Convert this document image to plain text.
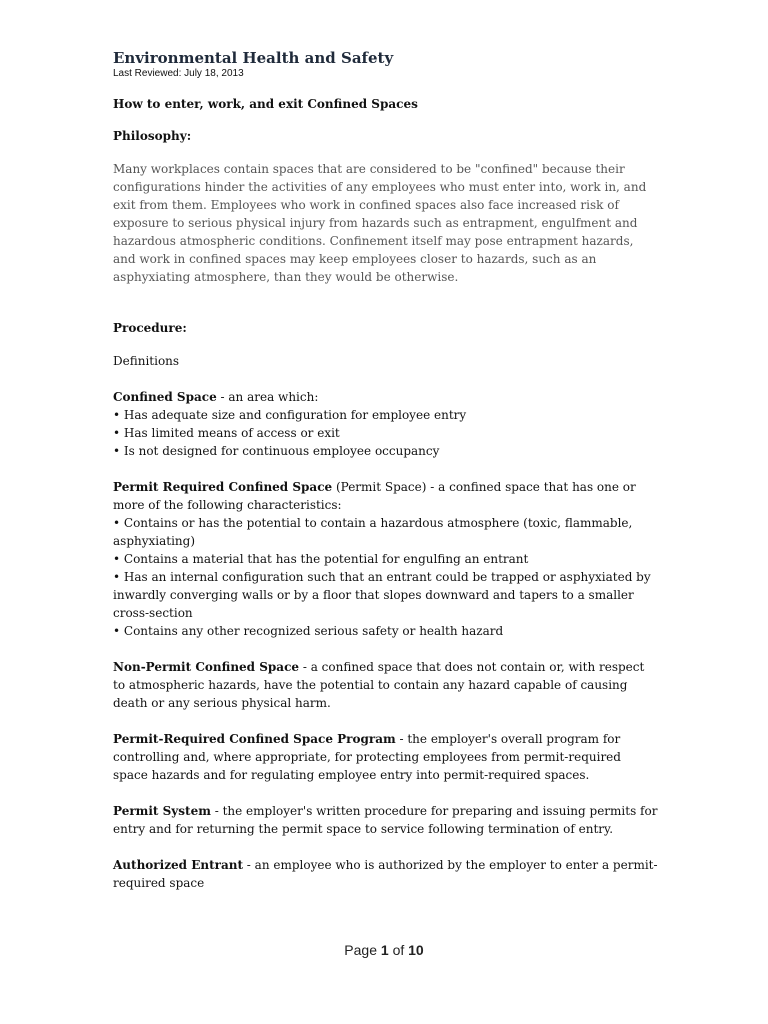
Environmental Health and Safety

Last Reviewed: July 18, 2013

How to enter, work, and exit Confined Spaces

Philosophy:

Many workplaces contain spaces that are considered to be "confined" because their configurations hinder the activities of any employees who must enter into, work in, and exit from them. Employees who work in confined spaces also face increased risk of exposure to serious physical injury from hazards such as entrapment, engulfment and hazardous atmospheric conditions. Confinement itself may pose entrapment hazards, and work in confined spaces may keep employees closer to hazards, such as an asphyxiating atmosphere, than they would be otherwise.

Procedure:

Definitions

Confined Space - an area which:
• Has adequate size and configuration for employee entry
• Has limited means of access or exit
• Is not designed for continuous employee occupancy
Permit Required Confined Space (Permit Space) - a confined space that has one or more of the following characteristics:
• Contains or has the potential to contain a hazardous atmosphere (toxic, flammable, asphyxiating)
• Contains a material that has the potential for engulfing an entrant
• Has an internal configuration such that an entrant could be trapped or asphyxiated by inwardly converging walls or by a floor that slopes downward and tapers to a smaller cross-section
• Contains any other recognized serious safety or health hazard
Non-Permit Confined Space - a confined space that does not contain or, with respect to atmospheric hazards, have the potential to contain any hazard capable of causing death or any serious physical harm.
Permit-Required Confined Space Program - the employer's overall program for controlling and, where appropriate, for protecting employees from permit-required space hazards and for regulating employee entry into permit-required spaces.
Permit System - the employer's written procedure for preparing and issuing permits for entry and for returning the permit space to service following termination of entry.
Authorized Entrant - an employee who is authorized by the employer to enter a permit-required space
Page 1 of 10
